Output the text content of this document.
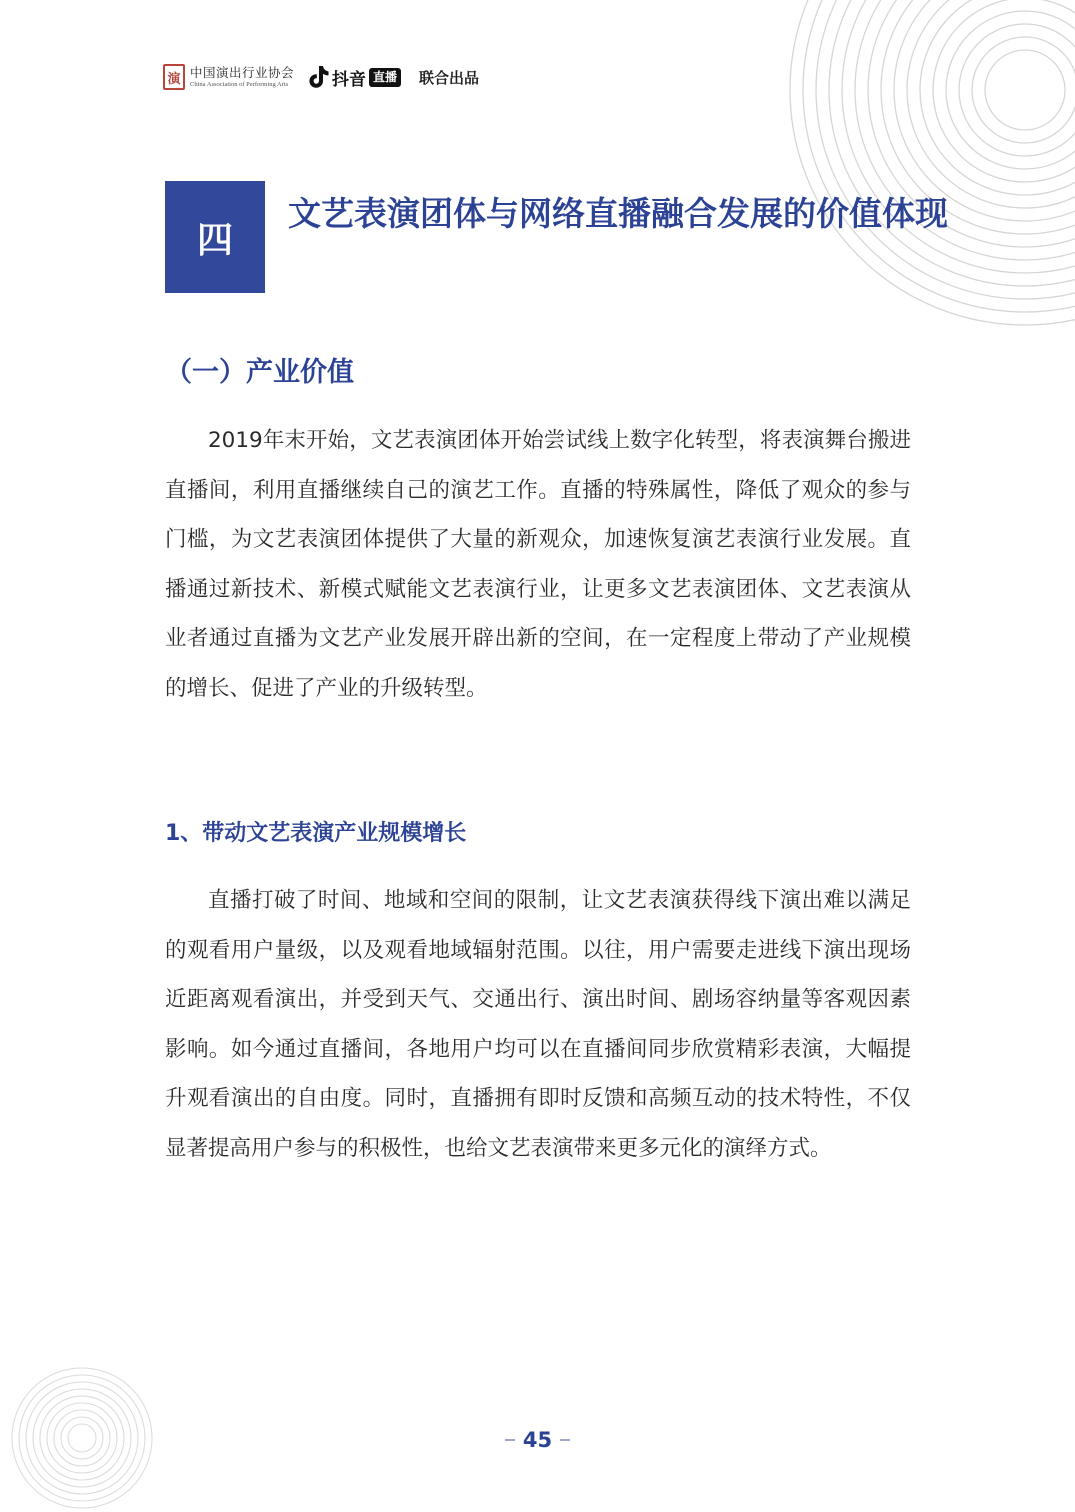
演 中国演出行业协会
China Association of Performing Arts	抖音 直播 联合出品
四
文艺表演团体与网络直播融合发展的价值体现
（一）产业价值

2019年末开始，文艺表演团体开始尝试线上数字化转型，将表演舞台搬进直播间，利用直播继续自己的演艺工作。直播的特殊属性，降低了观众的参与门槛，为文艺表演团体提供了大量的新观众，加速恢复演艺表演行业发展。直播通过新技术、新模式赋能文艺表演行业，让更多文艺表演团体、文艺表演从业者通过直播为文艺产业发展开辟出新的空间，在一定程度上带动了产业规模的增长、促进了产业的升级转型。

1、带动文艺表演产业规模增长

直播打破了时间、地域和空间的限制，让文艺表演获得线下演出难以满足的观看用户量级，以及观看地域辐射范围。以往，用户需要走进线下演出现场近距离观看演出，并受到天气、交通出行、演出时间、剧场容纳量等客观因素影响。如今通过直播间，各地用户均可以在直播间同步欣赏精彩表演，大幅提升观看演出的自由度。同时，直播拥有即时反馈和高频互动的技术特性，不仅显著提高用户参与的积极性，也给文艺表演带来更多元化的演绎方式。

45
